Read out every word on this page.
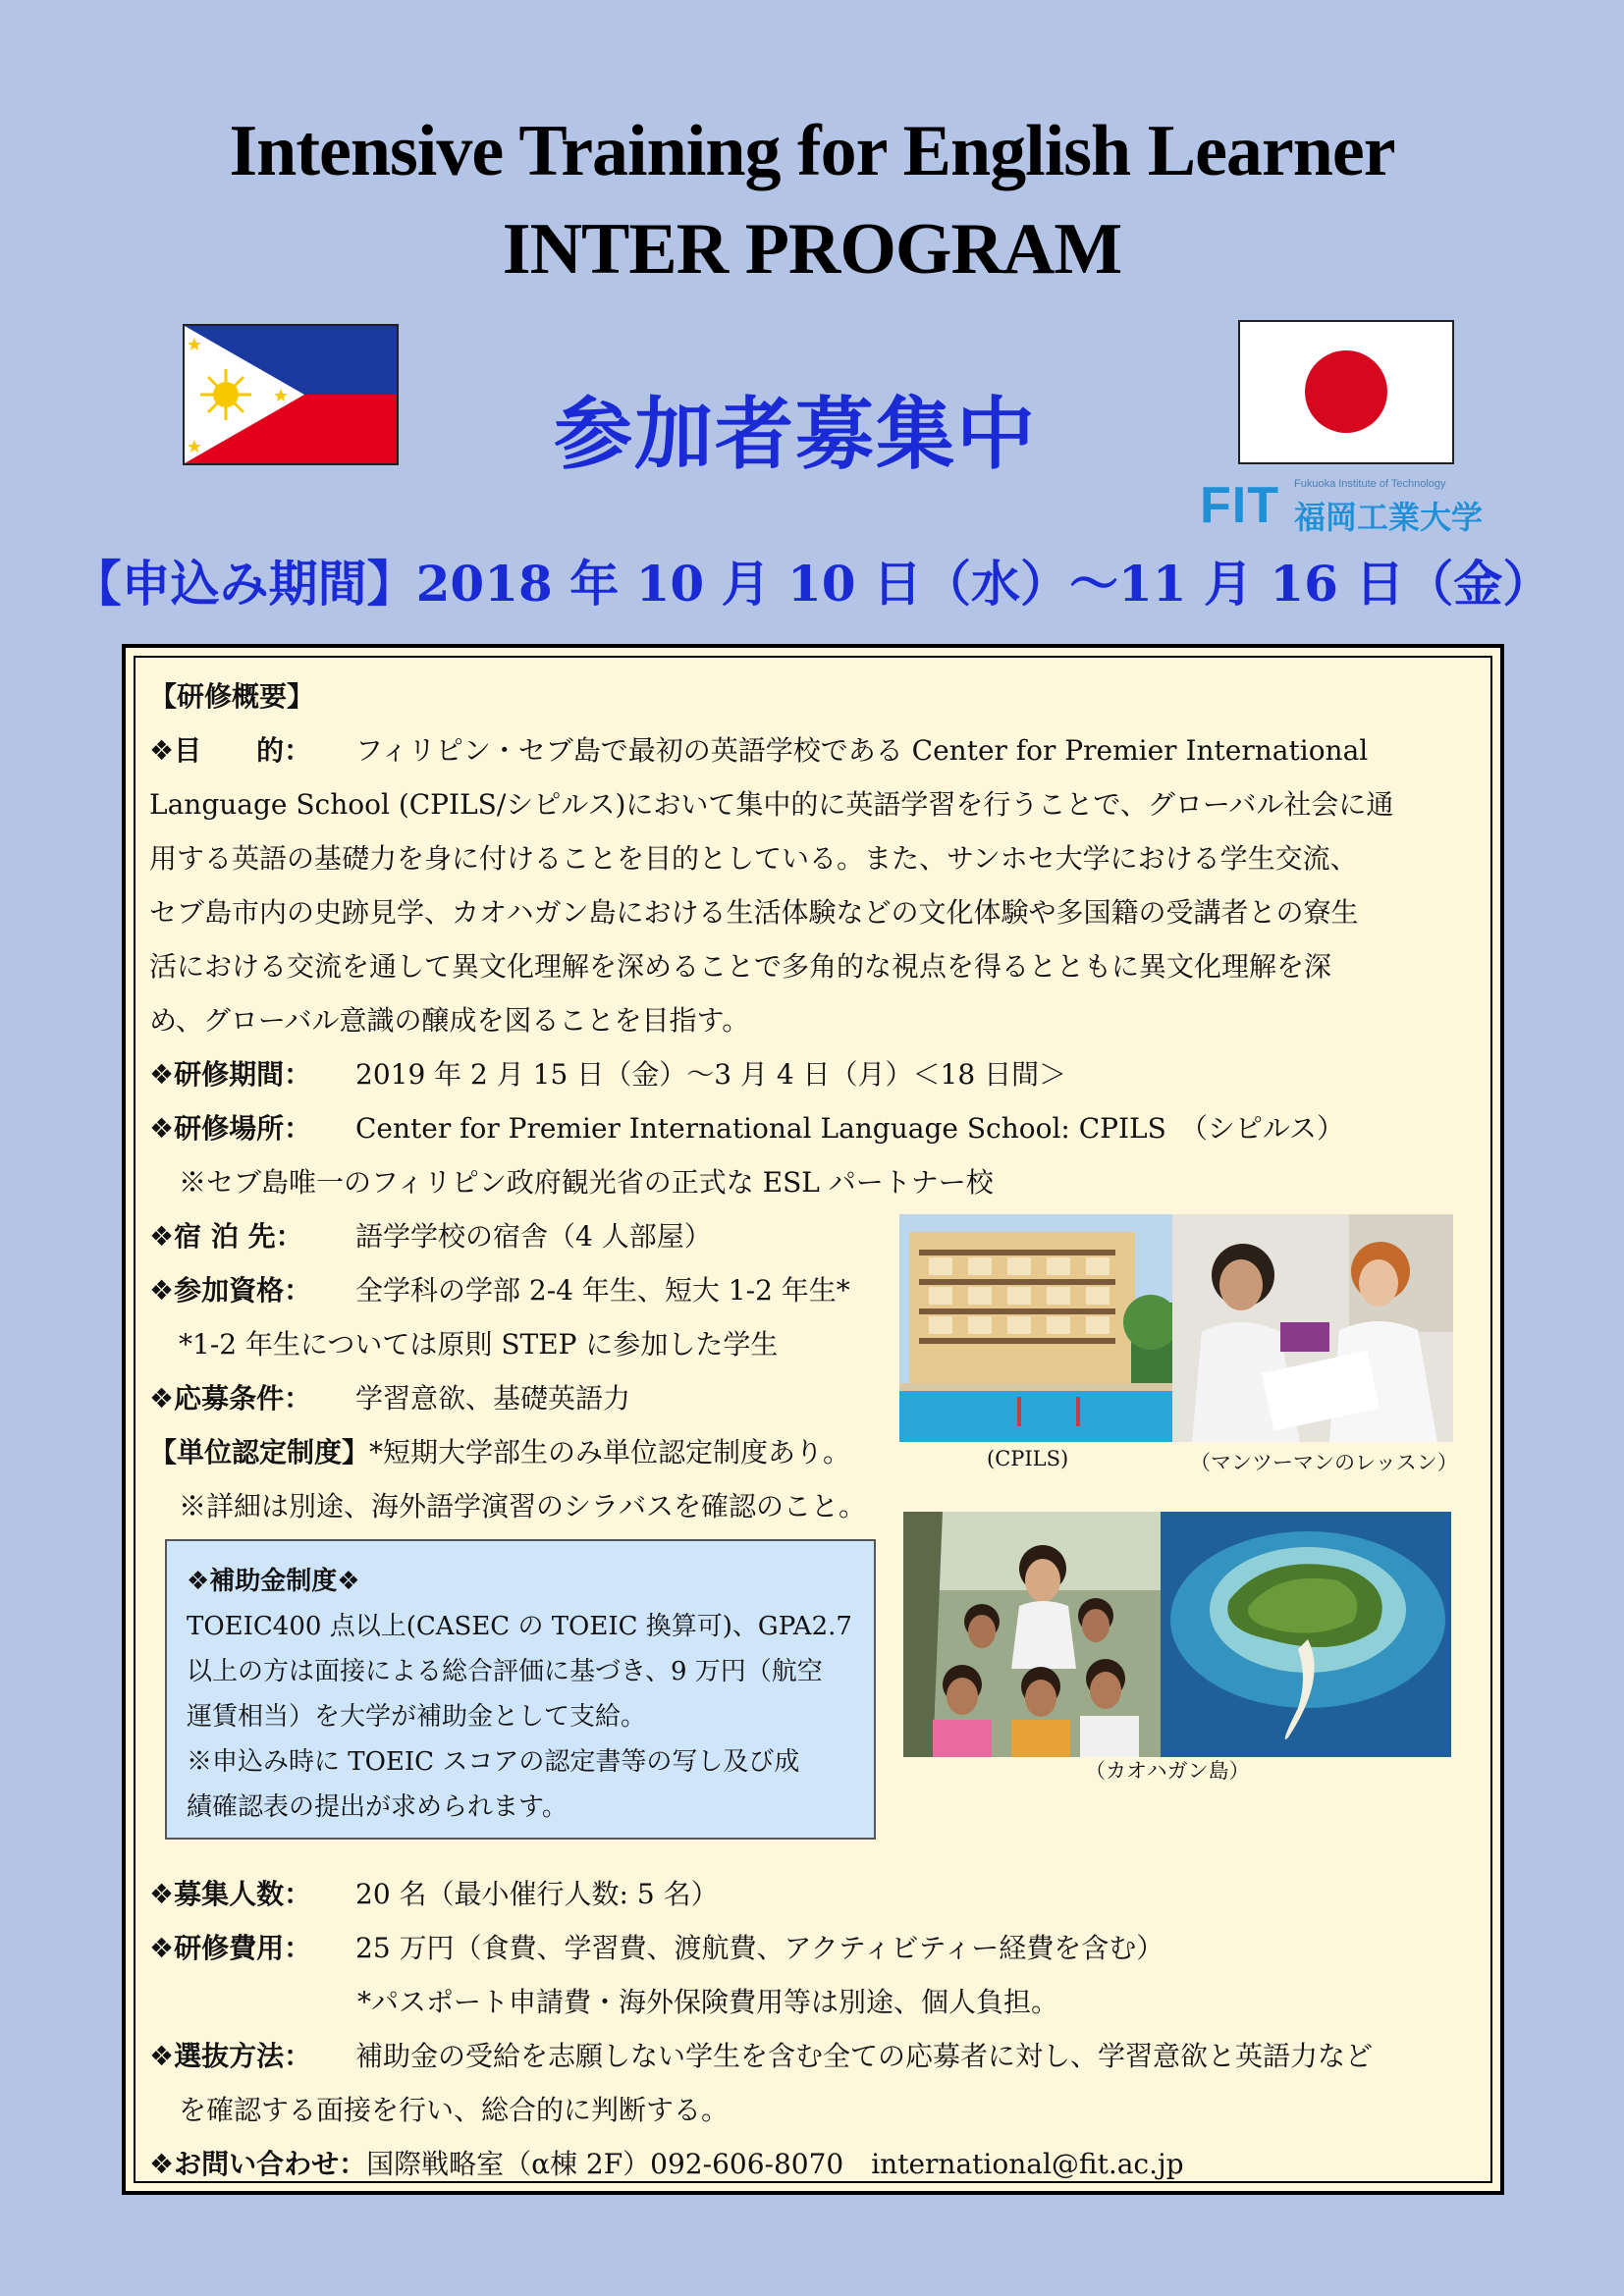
Intensive Training for English Learner
INTER PROGRAM
参加者募集中
FIT Fukuoka Institute of Technology
福岡工業大学
【申込み期間】2018 年 10 月 10 日（水）～11 月 16 日（金）

【研修概要】

❖目　　的： フィリピン・セブ島で最初の英語学校である Center for Premier International

Language School (CPILS/シピルス)において集中的に英語学習を行うことで、グローバル社会に通

用する英語の基礎力を身に付けることを目的としている。また、サンホセ大学における学生交流、

セブ島市内の史跡見学、カオハガン島における生活体験などの文化体験や多国籍の受講者との寮生

活における交流を通して異文化理解を深めることで多角的な視点を得るとともに異文化理解を深

め、グローバル意識の醸成を図ることを目指す。

❖研修期間： 2019 年 2 月 15 日（金）～3 月 4 日（月）＜18 日間＞

❖研修場所： Center for Premier International Language School: CPILS　（シピルス）

※セブ島唯一のフィリピン政府観光省の正式な ESL パートナー校

❖宿 泊 先： 語学学校の宿舎（4 人部屋）

❖参加資格： 全学科の学部 2-4 年生、短大 1-2 年生*

*1-2 年生については原則 STEP に参加した学生

❖応募条件： 学習意欲、基礎英語力

【単位認定制度】*短期大学部生のみ単位認定制度あり。

※詳細は別途、海外語学演習のシラバスを確認のこと。

❖募集人数： 20 名（最小催行人数: 5 名）

❖研修費用： 25 万円（食費、学習費、渡航費、アクティビティー経費を含む）

*パスポート申請費・海外保険費用等は別途、個人負担。

❖選抜方法： 補助金の受給を志願しない学生を含む全ての応募者に対し、学習意欲と英語力など

を確認する面接を行い、総合的に判断する。

❖お問い合わせ：国際戦略室（α棟 2F）092-606-8070　international@fit.ac.jp

❖補助金制度❖
TOEIC400 点以上(CASEC の TOEIC 換算可)、GPA2.7
以上の方は面接による総合評価に基づき、9 万円（航空
運賃相当）を大学が補助金として支給。
※申込み時に TOEIC スコアの認定書等の写し及び成
績確認表の提出が求められます。
(CPILS)	（マンツーマンのレッスン）
（カオハガン島）
